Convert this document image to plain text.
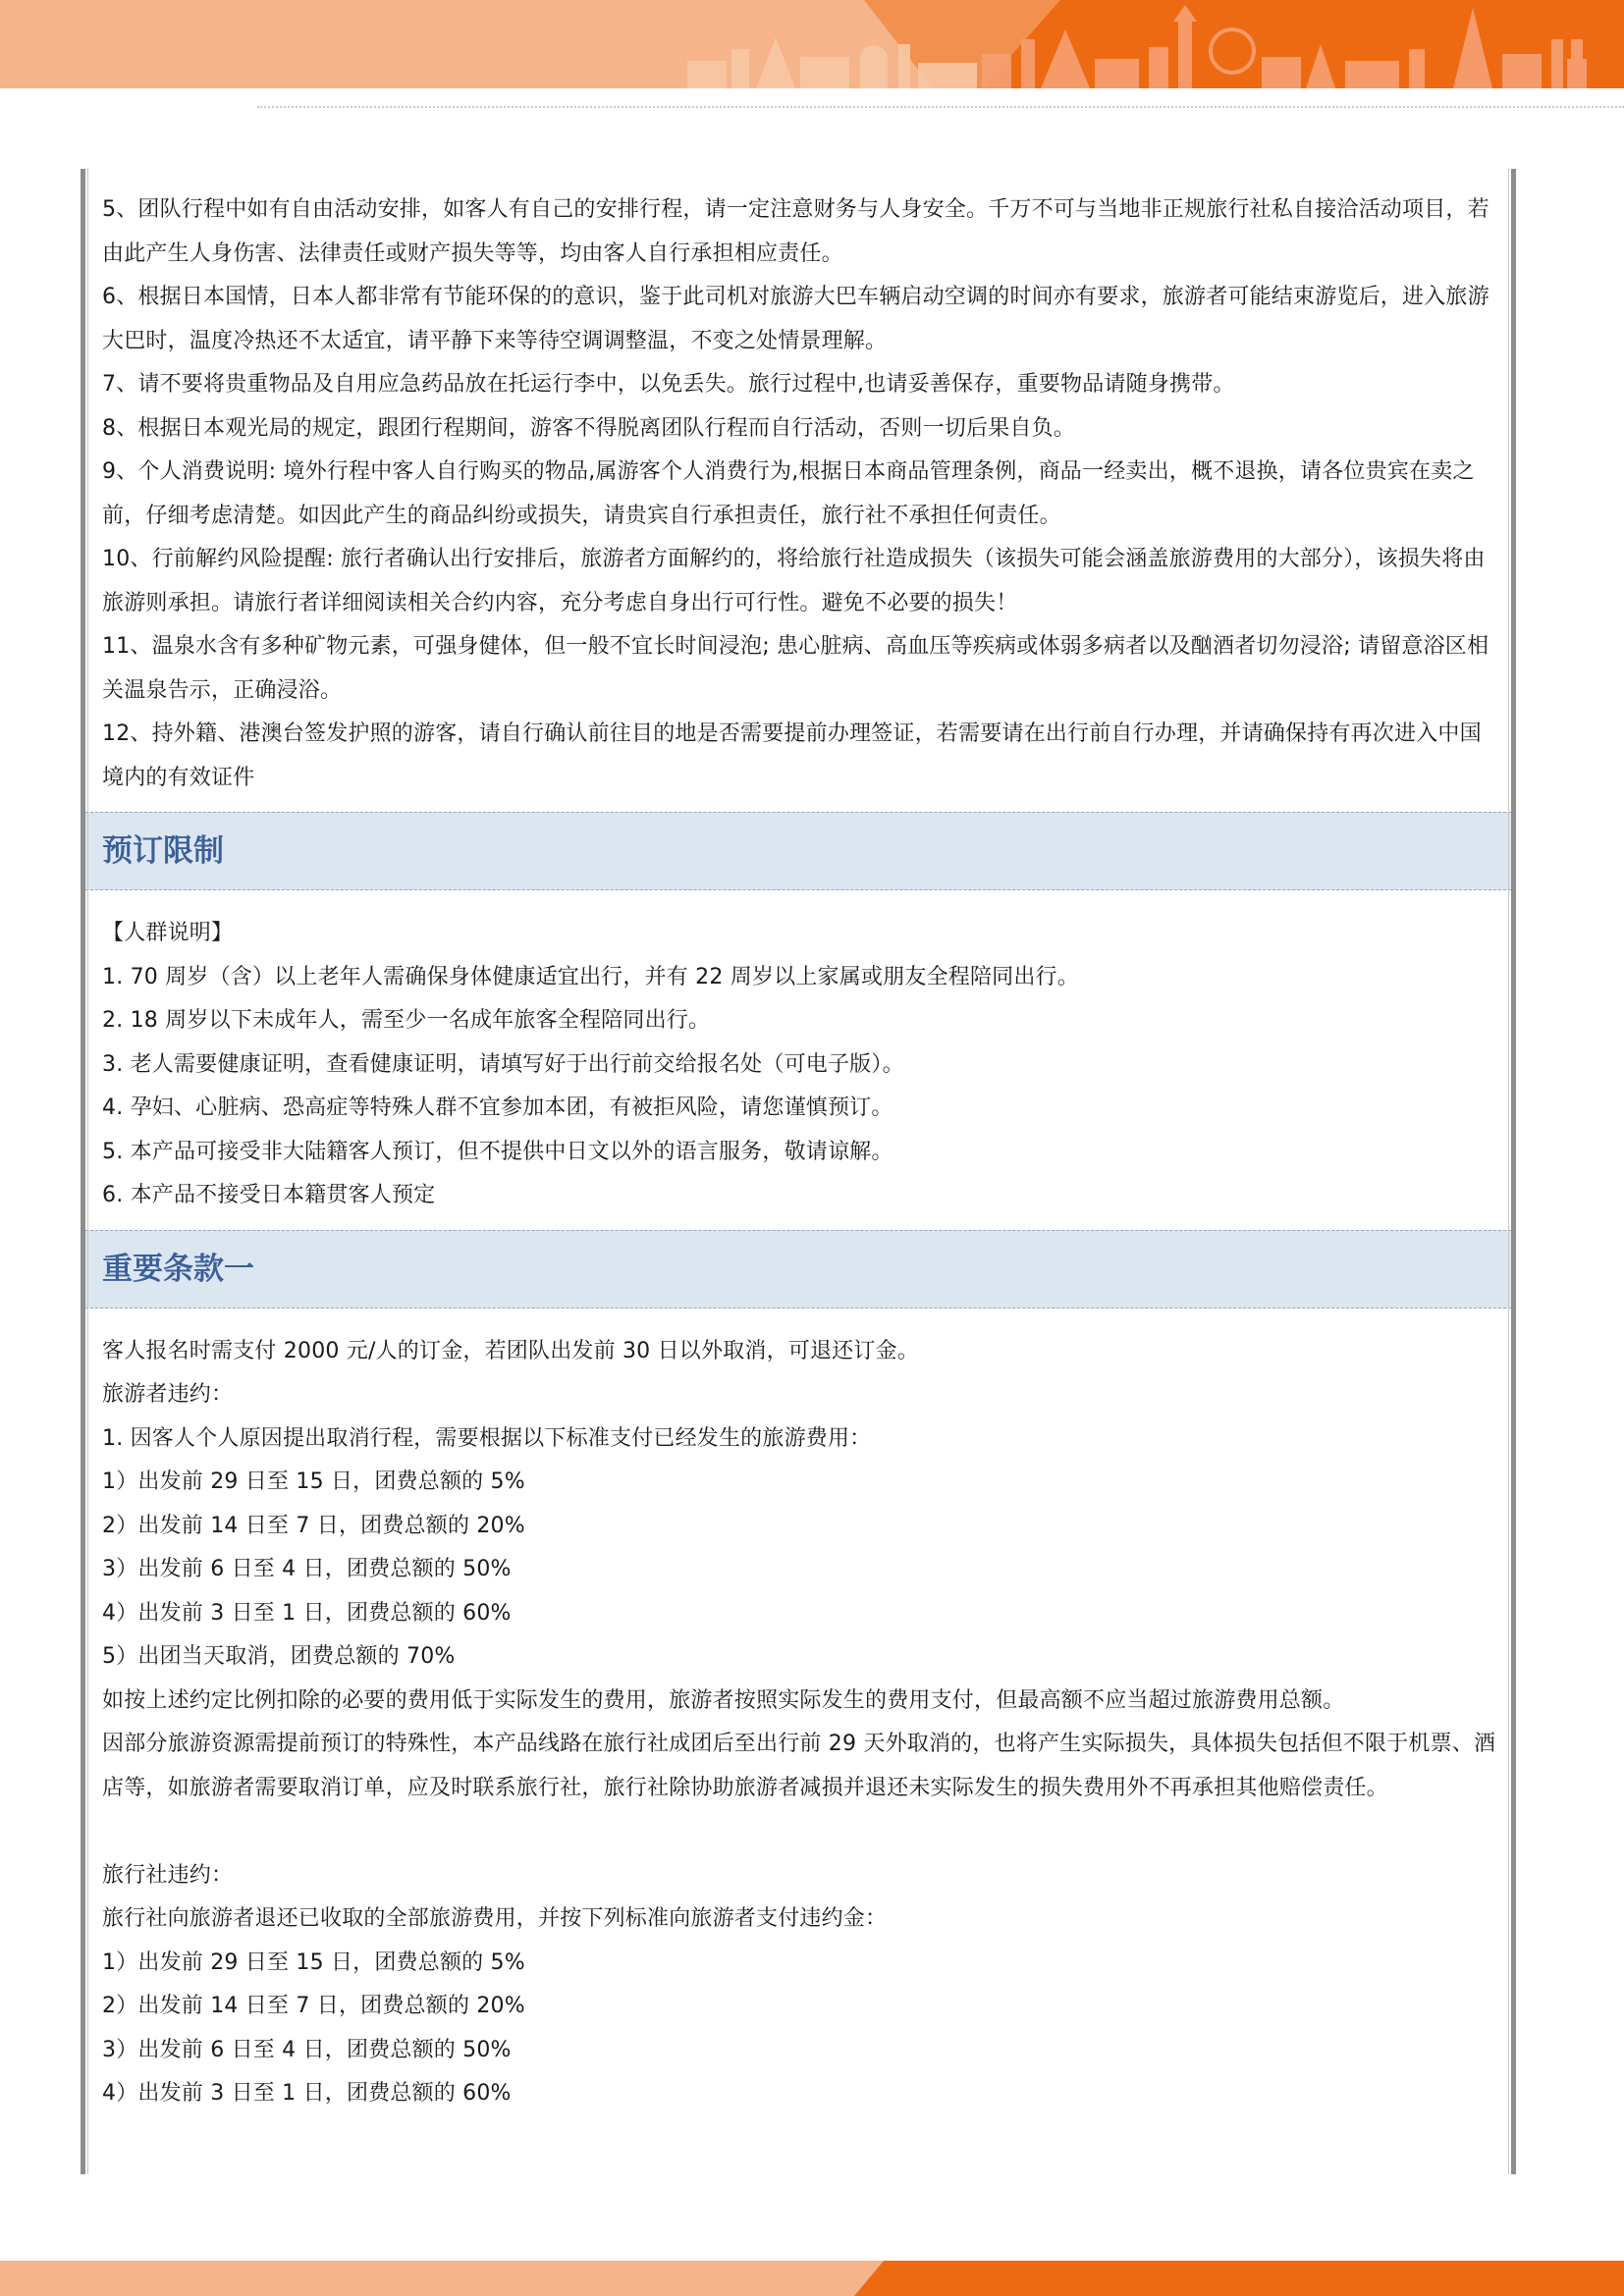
5、团队行程中如有自由活动安排，如客人有自己的安排行程，请一定注意财务与人身安全。千万不可与当地非正规旅行社私自接洽活动项目，若由此产生人身伤害、法律责任或财产损失等等，均由客人自行承担相应责任。

6、根据日本国情，日本人都非常有节能环保的的意识，鉴于此司机对旅游大巴车辆启动空调的时间亦有要求，旅游者可能结束游览后，进入旅游大巴时，温度冷热还不太适宜，请平静下来等待空调调整温，不变之处情景理解。

7、请不要将贵重物品及自用应急药品放在托运行李中，以免丢失。旅行过程中,也请妥善保存，重要物品请随身携带。

8、根据日本观光局的规定，跟团行程期间，游客不得脱离团队行程而自行活动，否则一切后果自负。

9、个人消费说明: 境外行程中客人自行购买的物品,属游客个人消费行为,根据日本商品管理条例，商品一经卖出，概不退换，请各位贵宾在卖之前，仔细考虑清楚。如因此产生的商品纠纷或损失，请贵宾自行承担责任，旅行社不承担任何责任。

10、行前解约风险提醒: 旅行者确认出行安排后，旅游者方面解约的，将给旅行社造成损失（该损失可能会涵盖旅游费用的大部分），该损失将由旅游则承担。请旅行者详细阅读相关合约内容，充分考虑自身出行可行性。避免不必要的损失！

11、温泉水含有多种矿物元素，可强身健体，但一般不宜长时间浸泡; 患心脏病、高血压等疾病或体弱多病者以及酗酒者切勿浸浴; 请留意浴区相关温泉告示，正确浸浴。

12、持外籍、港澳台签发护照的游客，请自行确认前往目的地是否需要提前办理签证，若需要请在出行前自行办理，并请确保持有再次进入中国境内的有效证件

预订限制

【人群说明】

1. 70 周岁（含）以上老年人需确保身体健康适宜出行，并有 22 周岁以上家属或朋友全程陪同出行。

2. 18 周岁以下未成年人，需至少一名成年旅客全程陪同出行。

3. 老人需要健康证明，查看健康证明，请填写好于出行前交给报名处（可电子版）。

4. 孕妇、心脏病、恐高症等特殊人群不宜参加本团，有被拒风险，请您谨慎预订。

5. 本产品可接受非大陆籍客人预订，但不提供中日文以外的语言服务，敬请谅解。

6. 本产品不接受日本籍贯客人预定

重要条款一

客人报名时需支付 2000 元/人的订金，若团队出发前 30 日以外取消，可退还订金。

旅游者违约：

1. 因客人个人原因提出取消行程，需要根据以下标准支付已经发生的旅游费用：

1）出发前 29 日至 15 日，团费总额的 5%

2）出发前 14 日至 7 日，团费总额的 20%

3）出发前 6 日至 4 日，团费总额的 50%

4）出发前 3 日至 1 日，团费总额的 60%

5）出团当天取消，团费总额的 70%

如按上述约定比例扣除的必要的费用低于实际发生的费用，旅游者按照实际发生的费用支付，但最高额不应当超过旅游费用总额。

因部分旅游资源需提前预订的特殊性，本产品线路在旅行社成团后至出行前 29 天外取消的，也将产生实际损失，具体损失包括但不限于机票、酒店等，如旅游者需要取消订单，应及时联系旅行社，旅行社除协助旅游者减损并退还未实际发生的损失费用外不再承担其他赔偿责任。

旅行社违约：

旅行社向旅游者退还已收取的全部旅游费用，并按下列标准向旅游者支付违约金：

1）出发前 29 日至 15 日，团费总额的 5%

2）出发前 14 日至 7 日，团费总额的 20%

3）出发前 6 日至 4 日，团费总额的 50%

4）出发前 3 日至 1 日，团费总额的 60%
